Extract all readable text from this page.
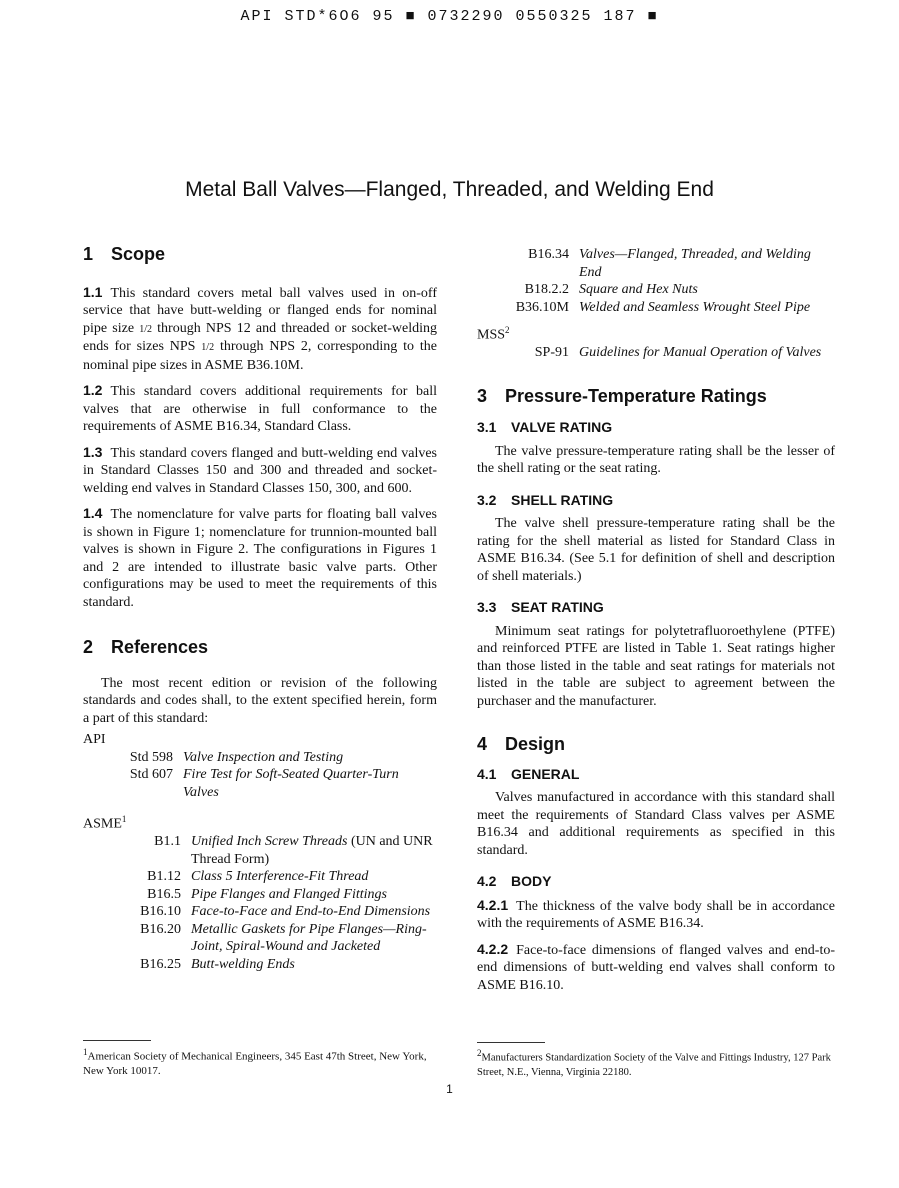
API STD*6O6 95 ■ 0732290 0550325 187 ■
Metal Ball Valves—Flanged, Threaded, and Welding End
1 Scope

1.1 This standard covers metal ball valves used in on-off service that have butt-welding or flanged ends for nominal pipe size 1/2 through NPS 12 and threaded or socket-welding ends for sizes NPS 1/2 through NPS 2, corresponding to the nominal pipe sizes in ASME B36.10M.

1.2 This standard covers additional requirements for ball valves that are otherwise in full conformance to the requirements of ASME B16.34, Standard Class.

1.3 This standard covers flanged and butt-welding end valves in Standard Classes 150 and 300 and threaded and socket-welding end valves in Standard Classes 150, 300, and 600.

1.4 The nomenclature for valve parts for floating ball valves is shown in Figure 1; nomenclature for trunnion-mounted ball valves is shown in Figure 2. The configurations in Figures 1 and 2 are intended to illustrate basic valve parts. Other configurations may be used to meet the requirements of this standard.

2 References

The most recent edition or revision of the following standards and codes shall, to the extent specified herein, form a part of this standard:

API

Std 598 Valve Inspection and Testing
Std 607 Fire Test for Soft-Seated Quarter-Turn Valves

ASME$^1$

B1.1 Unified Inch Screw Threads (UN and UNR Thread Form)
B1.12 Class 5 Interference-Fit Thread
B16.5 Pipe Flanges and Flanged Fittings
B16.10 Face-to-Face and End-to-End Dimensions
B16.20 Metallic Gaskets for Pipe Flanges—Ring-Joint, Spiral-Wound and Jacketed
B16.25 Butt-welding Ends
B16.34 Valves—Flanged, Threaded, and Welding End
B18.2.2 Square and Hex Nuts
B36.10M Welded and Seamless Wrought Steel Pipe

MSS$^2$

SP-91 Guidelines for Manual Operation of Valves
3 Pressure-Temperature Ratings
3.1 VALVE RATING

The valve pressure-temperature rating shall be the lesser of the shell rating or the seat rating.

3.2 SHELL RATING

The valve shell pressure-temperature rating shall be the rating for the shell material as listed for Standard Class in ASME B16.34. (See 5.1 for definition of shell and description of shell materials.)

3.3 SEAT RATING

Minimum seat ratings for polytetrafluoroethylene (PTFE) and reinforced PTFE are listed in Table 1. Seat ratings higher than those listed in the table and seat ratings for materials not listed in the table are subject to agreement between the purchaser and the manufacturer.

4 Design
4.1 GENERAL

Valves manufactured in accordance with this standard shall meet the requirements of Standard Class valves per ASME B16.34 and additional requirements as specified in this standard.

4.2 BODY

4.2.1 The thickness of the valve body shall be in accordance with the requirements of ASME B16.34.

4.2.2 Face-to-face dimensions of flanged valves and end-to-end dimensions of butt-welding end valves shall conform to ASME B16.10.

$^1$American Society of Mechanical Engineers, 345 East 47th Street, New York, New York 10017.
$^2$Manufacturers Standardization Society of the Valve and Fittings Industry, 127 Park Street, N.E., Vienna, Virginia 22180.
1
